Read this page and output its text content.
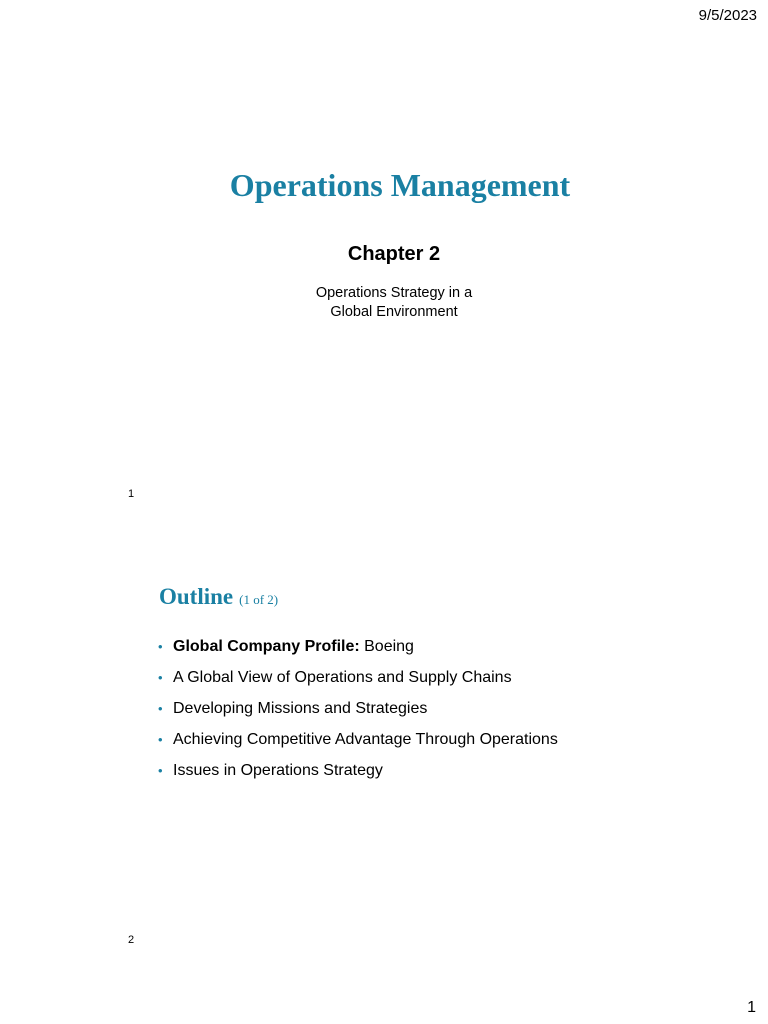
9/5/2023
Operations Management
Chapter 2

Operations Strategy in a
Global Environment

1
Outline (1 of 2)
• Global Company Profile: Boeing
• A Global View of Operations and Supply Chains
• Developing Missions and Strategies
• Achieving Competitive Advantage Through Operations
• Issues in Operations Strategy
2
1
